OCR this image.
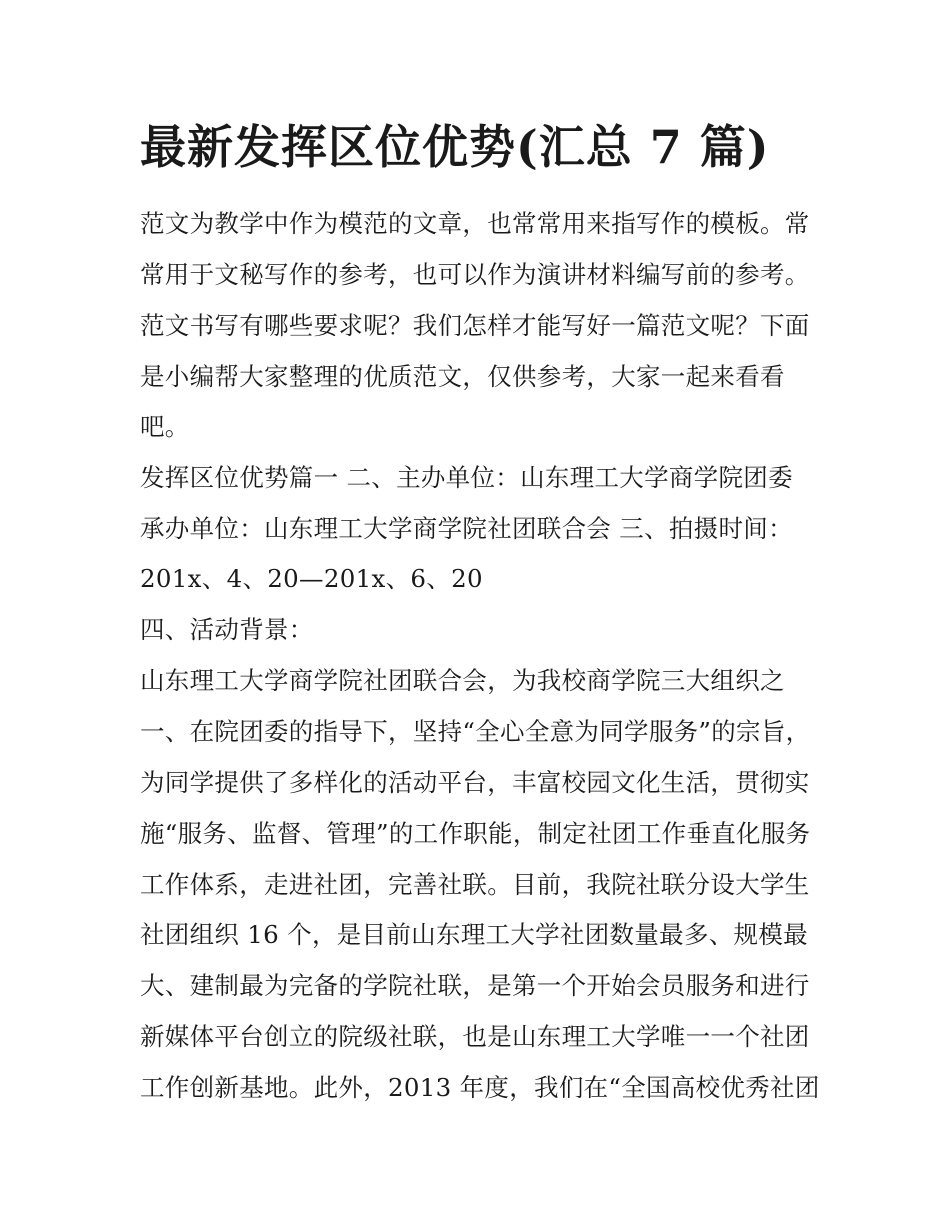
最新发挥区位优势(汇总 7 篇)

范文为教学中作为模范的文章，也常常用来指写作的模板。常

常用于文秘写作的参考，也可以作为演讲材料编写前的参考。

范文书写有哪些要求呢？我们怎样才能写好一篇范文呢？下面

是小编帮大家整理的优质范文，仅供参考，大家一起来看看

吧。

发挥区位优势篇一 二、主办单位：山东理工大学商学院团委

承办单位：山东理工大学商学院社团联合会 三、拍摄时间：

201x、4、20—201x、6、20

四、活动背景：

山东理工大学商学院社团联合会，为我校商学院三大组织之

一、在院团委的指导下，坚持“全心全意为同学服务”的宗旨，

为同学提供了多样化的活动平台，丰富校园文化生活，贯彻实

施“服务、监督、管理”的工作职能，制定社团工作垂直化服务

工作体系，走进社团，完善社联。目前，我院社联分设大学生

社团组织 16 个，是目前山东理工大学社团数量最多、规模最

大、建制最为完备的学院社联，是第一个开始会员服务和进行

新媒体平台创立的院级社联，也是山东理工大学唯一一个社团

工作创新基地。此外，2013 年度，我们在“全国高校优秀社团
